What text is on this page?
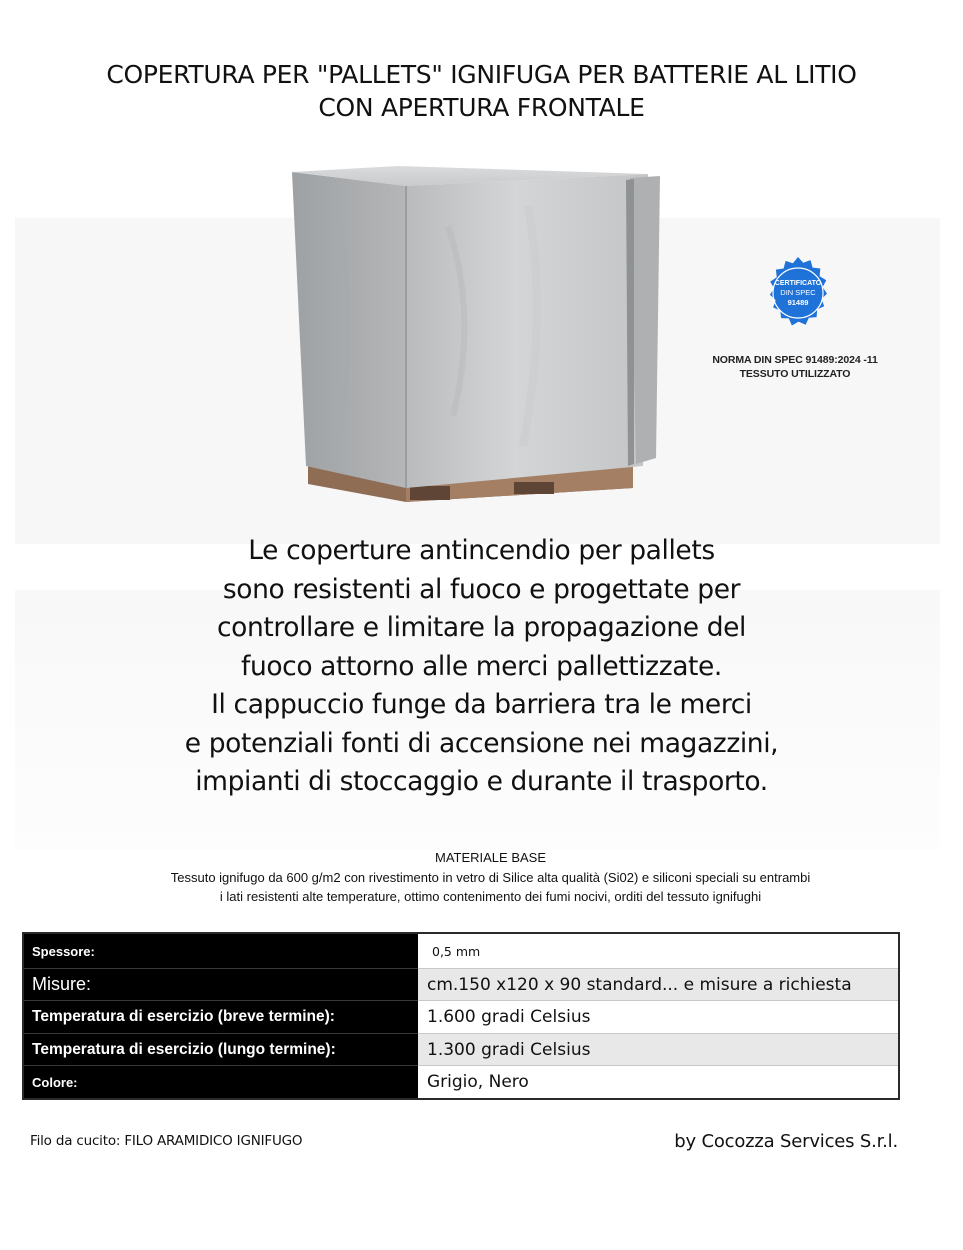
COPERTURA PER "PALLETS" IGNIFUGA PER BATTERIE AL LITIO
CON APERTURA FRONTALE
CERTIFICATO
DIN SPEC
91489
NORMA DIN SPEC 91489:2024 -11
TESSUTO UTILIZZATO
Le coperture antincendio per pallets
sono resistenti al fuoco e progettate per
controllare e limitare la propagazione del
fuoco attorno alle merci pallettizzate.
Il cappuccio funge da barriera tra le merci
e potenziali fonti di accensione nei magazzini,
impianti di stoccaggio e durante il trasporto.
MATERIALE BASE
Tessuto ignifugo da 600 g/m2 con rivestimento in vetro di Silice alta qualità (Si02) e siliconi speciali su entrambi
i lati resistenti alte temperature, ottimo contenimento dei fumi nocivi, orditi del tessuto ignifughi
Spessore:	0,5 mm
Misure:	cm.150 x120 x 90 standard... e misure a richiesta
Temperatura di esercizio (breve termine):	1.600 gradi Celsius
Temperatura di esercizio (lungo termine):	1.300 gradi Celsius
Colore:	Grigio, Nero
Filo da cucito: FILO ARAMIDICO IGNIFUGO	by Cocozza Services S.r.l.
